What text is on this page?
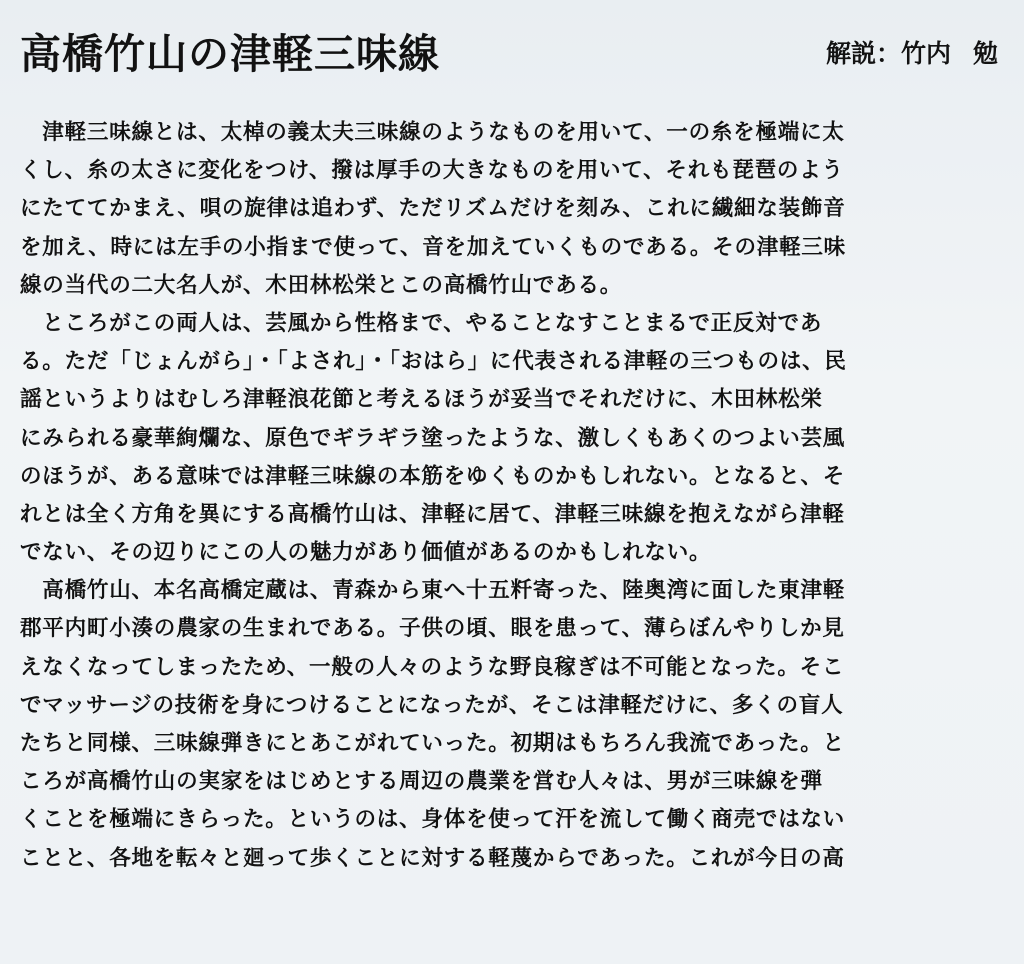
高橋竹山の津軽三味線	解説：竹内 勉
　津軽三味線とは、太棹の義太夫三味線のようなものを用いて、一の糸を極端に太
くし、糸の太さに変化をつけ、撥は厚手の大きなものを用いて、それも琵琶のよう
にたててかまえ、唄の旋律は追わず、ただリズムだけを刻み、これに繊細な装飾音
を加え、時には左手の小指まで使って、音を加えていくものである。その津軽三味
線の当代の二大名人が、木田林松栄とこの高橋竹山である。
　ところがこの両人は、芸風から性格まで、やることなすことまるで正反対であ
る。ただ「じょんがら」・「よされ」・「おはら」に代表される津軽の三つものは、民
謡というよりはむしろ津軽浪花節と考えるほうが妥当でそれだけに、木田林松栄
にみられる豪華絢爛な、原色でギラギラ塗ったような、激しくもあくのつよい芸風
のほうが、ある意味では津軽三味線の本筋をゆくものかもしれない。となると、そ
れとは全く方角を異にする高橋竹山は、津軽に居て、津軽三味線を抱えながら津軽
でない、その辺りにこの人の魅力があり価値があるのかもしれない。
　高橋竹山、本名高橋定蔵は、青森から東へ十五粁寄った、陸奥湾に面した東津軽
郡平内町小湊の農家の生まれである。子供の頃、眼を患って、薄らぼんやりしか見
えなくなってしまったため、一般の人々のような野良稼ぎは不可能となった。そこ
でマッサージの技術を身につけることになったが、そこは津軽だけに、多くの盲人
たちと同様、三味線弾きにとあこがれていった。初期はもちろん我流であった。と
ころが高橋竹山の実家をはじめとする周辺の農業を営む人々は、男が三味線を弾
くことを極端にきらった。というのは、身体を使って汗を流して働く商売ではない
ことと、各地を転々と廻って歩くことに対する軽蔑からであった。これが今日の高
